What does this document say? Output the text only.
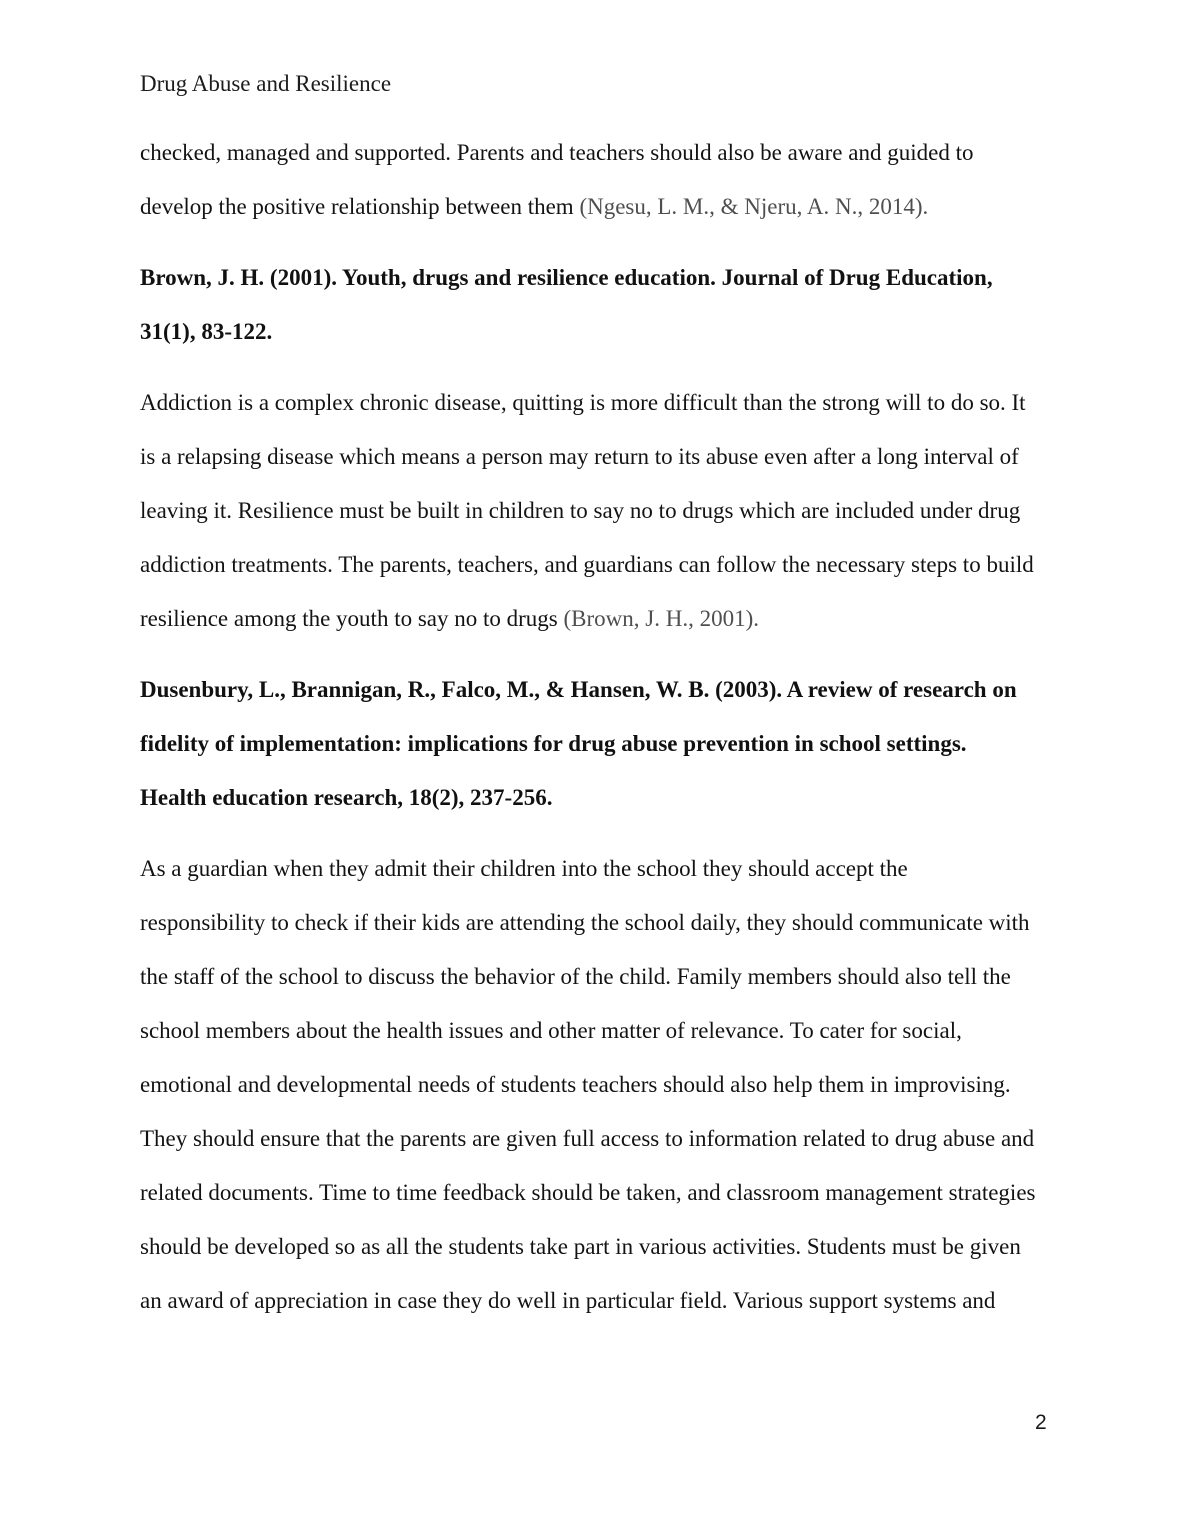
Drug Abuse and Resilience
checked, managed and supported. Parents and teachers should also be aware and guided to
develop the positive relationship between them (Ngesu, L. M., & Njeru, A. N., 2014).
Brown, J. H. (2001). Youth, drugs and resilience education. Journal of Drug Education,
31(1), 83-122.
Addiction is a complex chronic disease, quitting is more difficult than the strong will to do so. It
is a relapsing disease which means a person may return to its abuse even after a long interval of
leaving it. Resilience must be built in children to say no to drugs which are included under drug
addiction treatments. The parents, teachers, and guardians can follow the necessary steps to build
resilience among the youth to say no to drugs (Brown, J. H., 2001).
Dusenbury, L., Brannigan, R., Falco, M., & Hansen, W. B. (2003). A review of research on
fidelity of implementation: implications for drug abuse prevention in school settings.
Health education research, 18(2), 237-256.
As a guardian when they admit their children into the school they should accept the
responsibility to check if their kids are attending the school daily, they should communicate with
the staff of the school to discuss the behavior of the child. Family members should also tell the
school members about the health issues and other matter of relevance. To cater for social,
emotional and developmental needs of students teachers should also help them in improvising.
They should ensure that the parents are given full access to information related to drug abuse and
related documents. Time to time feedback should be taken, and classroom management strategies
should be developed so as all the students take part in various activities. Students must be given
an award of appreciation in case they do well in particular field. Various support systems and
2
